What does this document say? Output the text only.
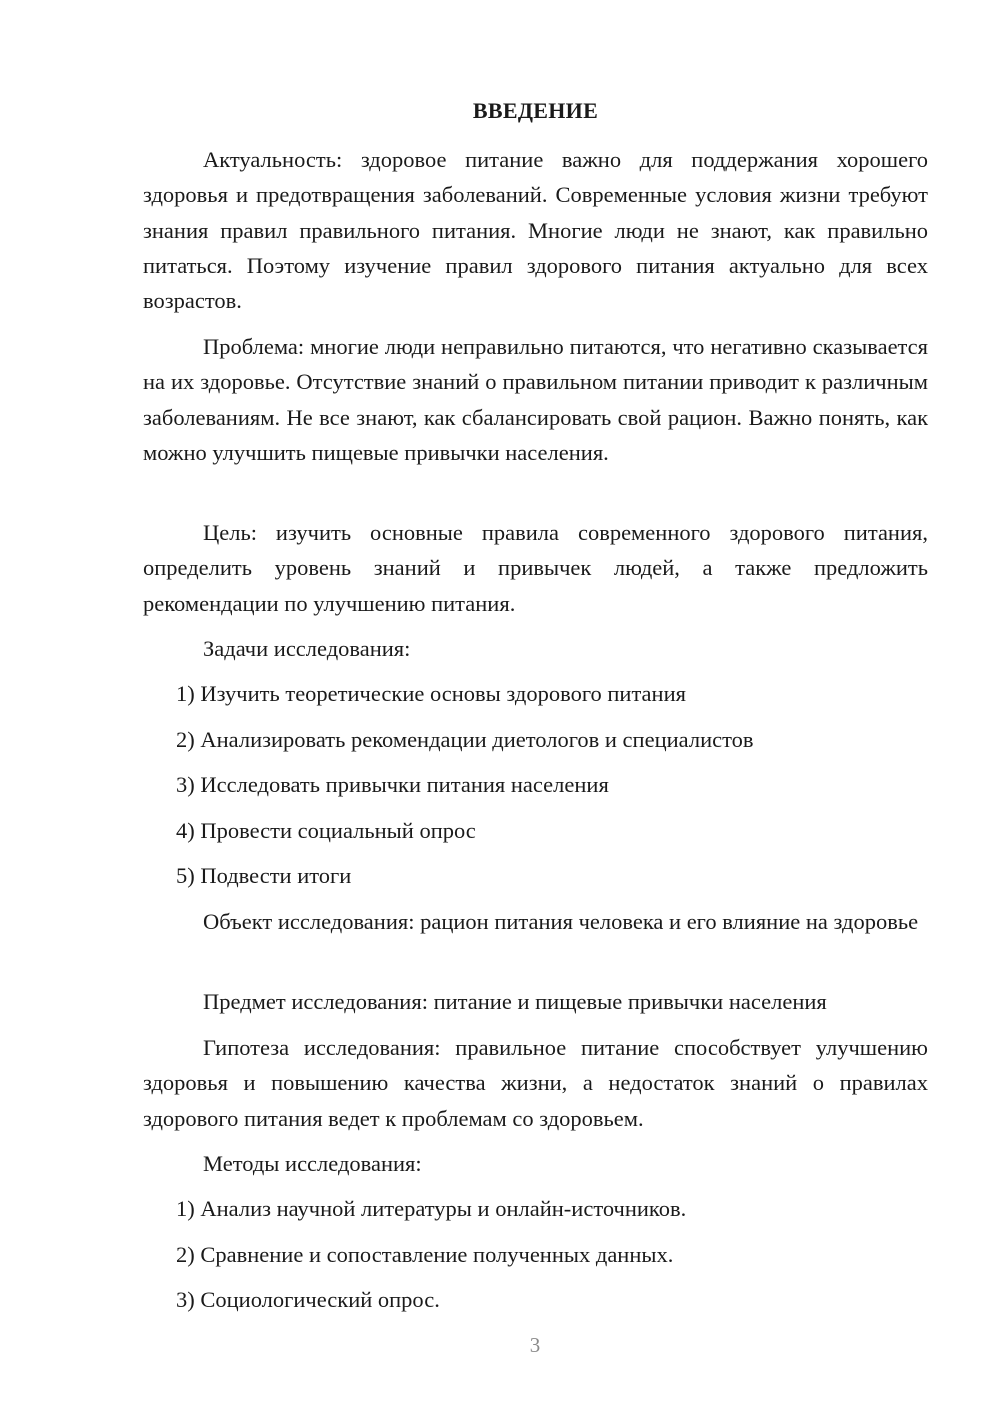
ВВЕДЕНИЕ

Актуальность: здоровое питание важно для поддержания хорошего здоровья и предотвращения заболеваний. Современные условия жизни требуют знания правил правильного питания. Многие люди не знают, как правильно питаться. Поэтому изучение правил здорового питания актуально для всех возрастов.

Проблема: многие люди неправильно питаются, что негативно сказывается на их здоровье. Отсутствие знаний о правильном питании приводит к различным заболеваниям. Не все знают, как сбалансировать свой рацион. Важно понять, как можно улучшить пищевые привычки населения.

Цель: изучить основные правила современного здорового питания, определить уровень знаний и привычек людей, а также предложить рекомендации по улучшению питания.

Задачи исследования:
1) Изучить теоретические основы здорового питания
2) Анализировать рекомендации диетологов и специалистов
3) Исследовать привычки питания населения
4) Провести социальный опрос
5) Подвести итоги

Объект исследования: рацион питания человека и его влияние на здоровье

Предмет исследования: питание и пищевые привычки населения

Гипотеза исследования: правильное питание способствует улучшению здоровья и повышению качества жизни, а недостаток знаний о правилах здорового питания ведет к проблемам со здоровьем.

Методы исследования:
1) Анализ научной литературы и онлайн-источников.
2) Сравнение и сопоставление полученных данных.
3) Социологический опрос.
3
